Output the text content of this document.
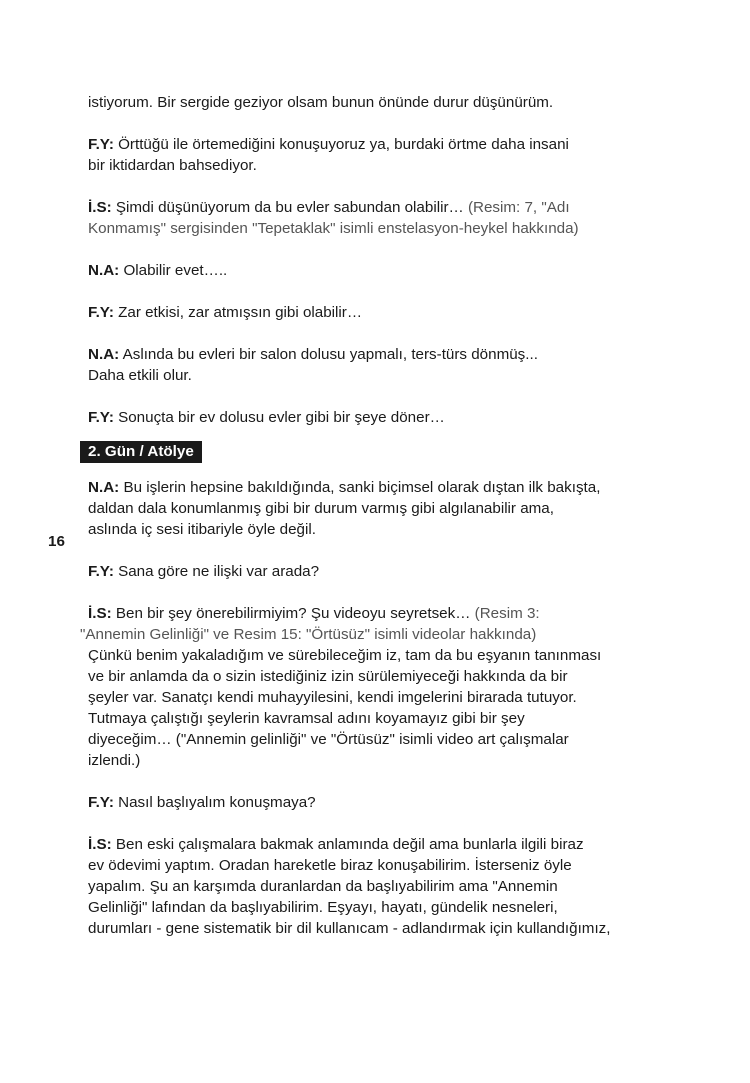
16

istiyorum. Bir sergide geziyor olsam bunun önünde durur düşünürüm.

F.Y: Örttüğü ile örtemediğini konuşuyoruz ya, burdaki örtme daha insani
bir iktidardan bahsediyor.

İ.S: Şimdi düşünüyorum da bu evler sabundan olabilir… (Resim: 7, "Adı
Konmamış" sergisinden "Tepetaklak" isimli enstelasyon-heykel hakkında)

N.A: Olabilir evet…..

F.Y: Zar etkisi, zar atmışsın gibi olabilir…

N.A: Aslında bu evleri bir salon dolusu yapmalı, ters-türs dönmüş...
Daha etkili olur.

F.Y: Sonuçta bir ev dolusu evler gibi bir şeye döner…

2. Gün / Atölye

N.A: Bu işlerin hepsine bakıldığında, sanki biçimsel olarak dıştan ilk bakışta,
daldan dala konumlanmış gibi bir durum varmış gibi algılanabilir ama,
aslında iç sesi itibariyle öyle değil.

F.Y: Sana göre ne ilişki var arada?

İ.S: Ben bir şey önerebilirmiyim? Şu videoyu seyretsek… (Resim 3:
"Annemin Gelinliği" ve Resim 15: "Örtüsüz" isimli videolar hakkında)
Çünkü benim yakaladığım ve sürebileceğim iz, tam da bu eşyanın tanınması
ve bir anlamda da o sizin istediğiniz izin sürülemiyeceği hakkında da bir
şeyler var. Sanatçı kendi muhayyilesini, kendi imgelerini birarada tutuyor.
Tutmaya çalıştığı şeylerin kavramsal adını koyamayız gibi bir şey
diyeceğim… ("Annemin gelinliği" ve "Örtüsüz" isimli video art çalışmalar
izlendi.)

F.Y: Nasıl başlıyalım konuşmaya?

İ.S: Ben eski çalışmalara bakmak anlamında değil ama bunlarla ilgili biraz
ev ödevimi yaptım. Oradan hareketle biraz konuşabilirim. İsterseniz öyle
yapalım. Şu an karşımda duranlardan da başlıyabilirim ama "Annemin
Gelinliği" lafından da başlıyabilirim. Eşyayı, hayatı, gündelik nesneleri,
durumları - gene sistematik bir dil kullanıcam - adlandırmak için kullandığımız,
